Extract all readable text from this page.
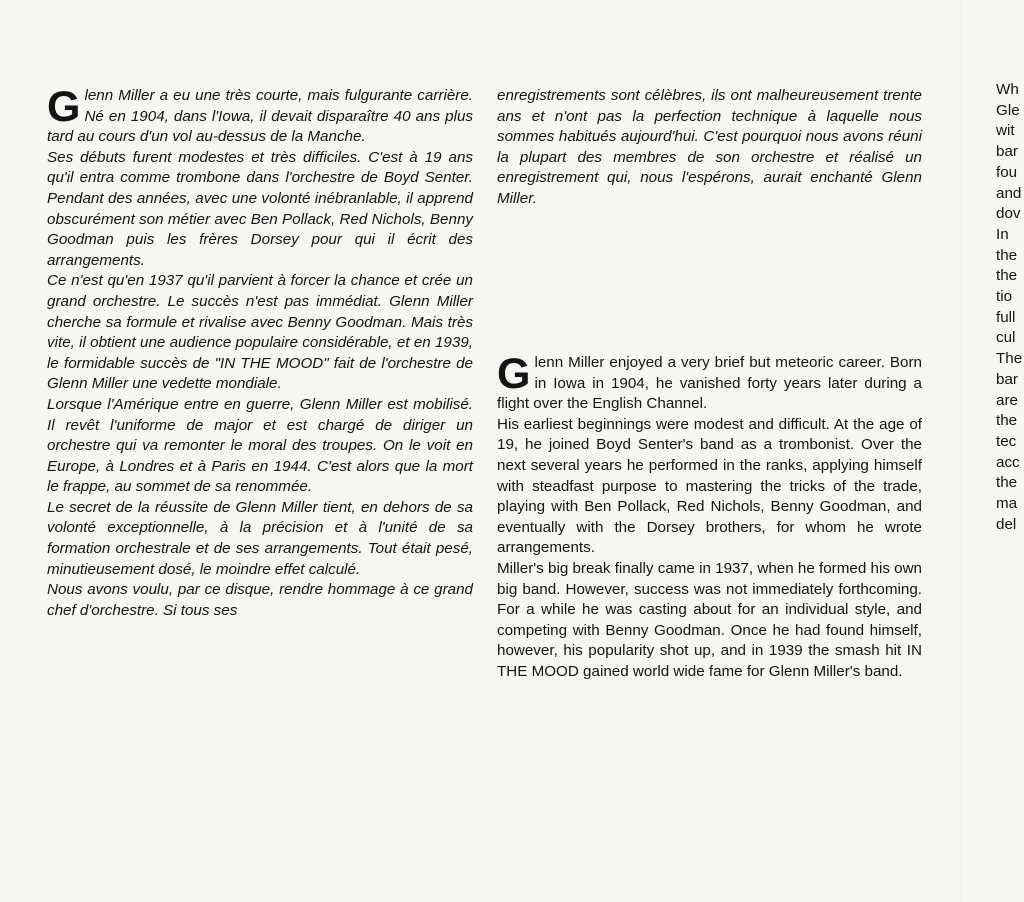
G lenn Miller a eu une très courte, mais fulgurante carrière. Né en 1904, dans l'Iowa, il devait disparaître 40 ans plus tard au cours d'un vol au-dessus de la Manche.

Ses débuts furent modestes et très difficiles. C'est à 19 ans qu'il entra comme trombone dans l'orchestre de Boyd Senter. Pendant des années, avec une volonté inébranlable, il apprend obscurément son métier avec Ben Pollack, Red Nichols, Benny Goodman puis les frères Dorsey pour qui il écrit des arrangements.

Ce n'est qu'en 1937 qu'il parvient à forcer la chance et crée un grand orchestre. Le succès n'est pas immédiat. Glenn Miller cherche sa formule et rivalise avec Benny Goodman. Mais très vite, il obtient une audience populaire considérable, et en 1939, le formidable succès de "IN THE MOOD" fait de l'orchestre de Glenn Miller une vedette mondiale.

Lorsque l'Amérique entre en guerre, Glenn Miller est mobilisé. Il revêt l'uniforme de major et est chargé de diriger un orchestre qui va remonter le moral des troupes. On le voit en Europe, à Londres et à Paris en 1944. C'est alors que la mort le frappe, au sommet de sa renommée.

Le secret de la réussite de Glenn Miller tient, en dehors de sa volonté exceptionnelle, à la précision et à l'unité de sa formation orchestrale et de ses arrangements. Tout était pesé, minutieusement dosé, le moindre effet calculé.

Nous avons voulu, par ce disque, rendre hommage à ce grand chef d'orchestre. Si tous ses

enregistrements sont célèbres, ils ont malheureusement trente ans et n'ont pas la perfection technique à laquelle nous sommes habitués aujourd'hui. C'est pourquoi nous avons réuni la plupart des membres de son orchestre et réalisé un enregistrement qui, nous l'espérons, aurait enchanté Glenn Miller.

G lenn Miller enjoyed a very brief but meteoric career. Born in Iowa in 1904, he vanished forty years later during a flight over the English Channel.

His earliest beginnings were modest and difficult. At the age of 19, he joined Boyd Senter's band as a trombonist. Over the next several years he performed in the ranks, applying himself with steadfast purpose to mastering the tricks of the trade, playing with Ben Pollack, Red Nichols, Benny Goodman, and eventually with the Dorsey brothers, for whom he wrote arrangements.

Miller's big break finally came in 1937, when he formed his own big band. However, success was not immediately forthcoming. For a while he was casting about for an individual style, and competing with Benny Goodman. Once he had found himself, however, his popularity shot up, and in 1939 the smash hit IN THE MOOD gained world wide fame for Glenn Miller's band.

Wh
Gle
wit
bar
fou
and
dov
In
the
the
tio
full
cul
The
bar
are
the
tec
acc
the
ma
del
